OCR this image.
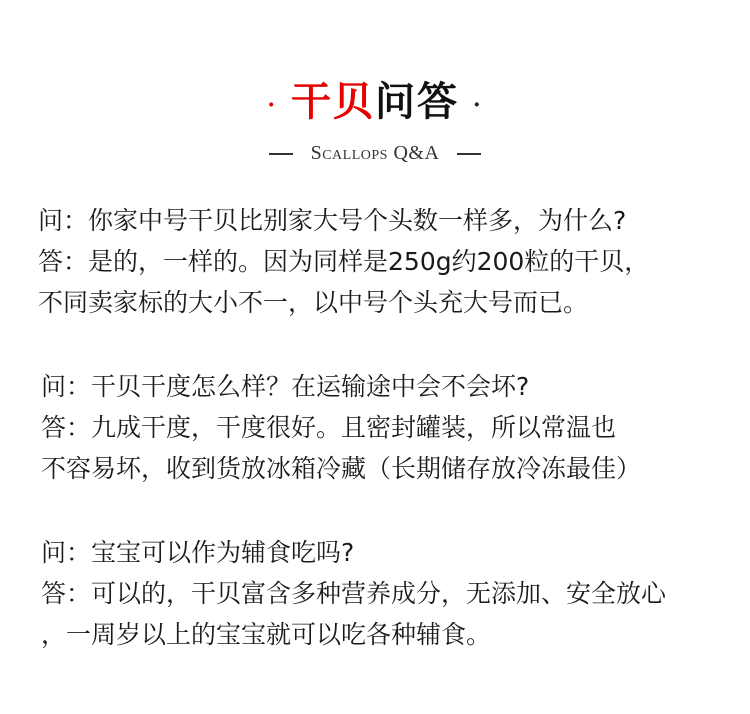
· 干贝问答 ·
Scallops Q&A
问：你家中号干贝比别家大号个头数一样多，为什么?
答：是的，一样的。因为同样是250g约200粒的干贝，
不同卖家标的大小不一，以中号个头充大号而已。
问：干贝干度怎么样？在运输途中会不会坏?
答：九成干度，干度很好。且密封罐装，所以常温也
不容易坏，收到货放冰箱冷藏（长期储存放冷冻最佳）
问：宝宝可以作为辅食吃吗?
答：可以的，干贝富含多种营养成分，无添加、安全放心
，一周岁以上的宝宝就可以吃各种辅食。
